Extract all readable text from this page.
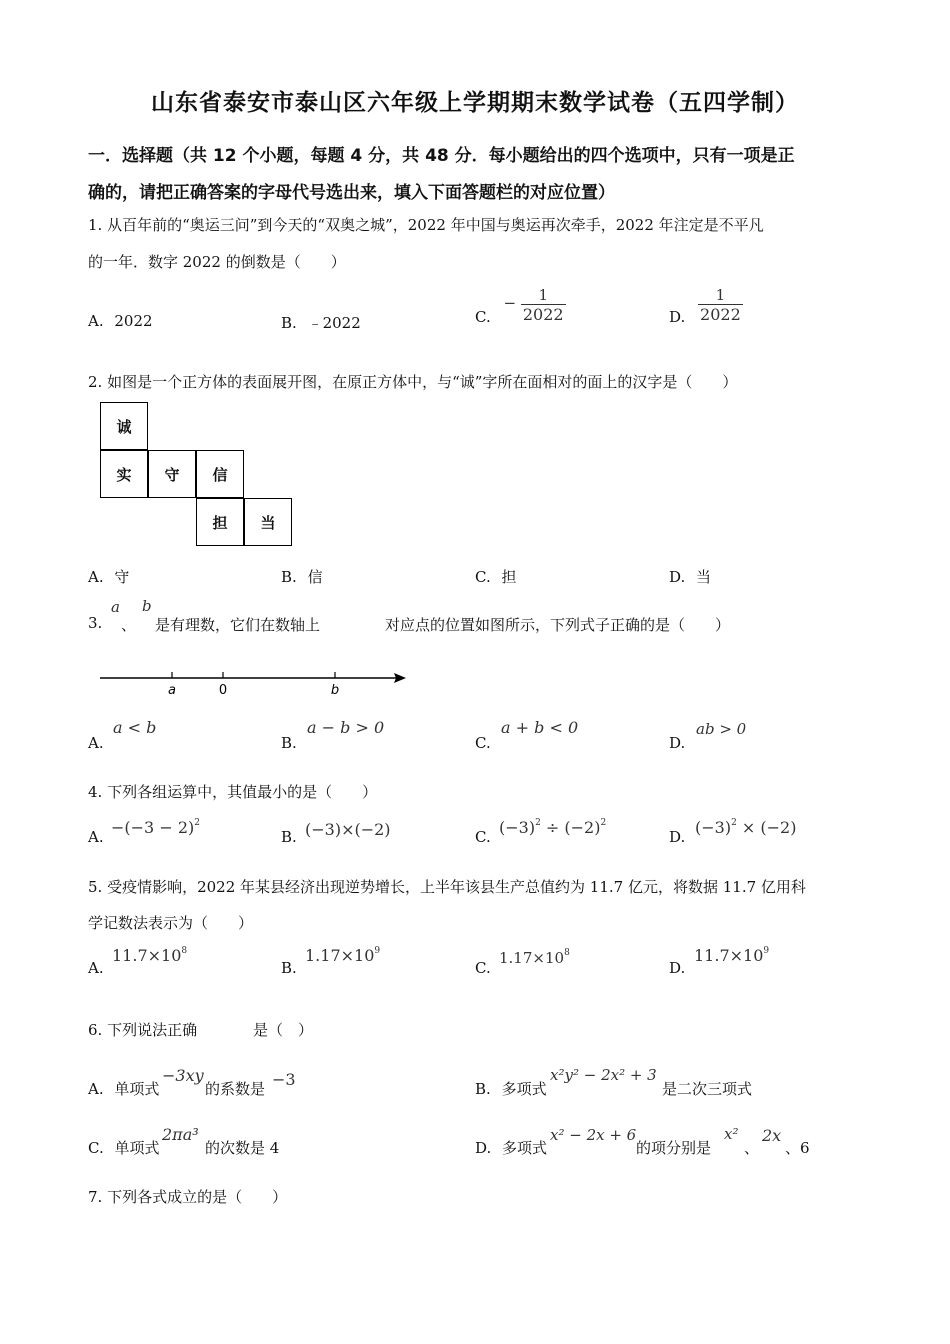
山东省泰安市泰山区六年级上学期期末数学试卷（五四学制）
一．选择题（共 12 个小题，每题 4 分，共 48 分．每小题给出的四个选项中，只有一项是正
确的，请把正确答案的字母代号选出来，填入下面答题栏的对应位置）
1. 从百年前的“奥运三问”到今天的“双奥之城”，2022 年中国与奥运再次牵手，2022 年注定是不平凡
的一年．数字 2022 的倒数是（　　）
A. 2022	B. ﹣2022	C. − $\frac{1}{2022}$	D. $\frac{1}{2022}$
2. 如图是一个正方体的表面展开图，在原正方体中，与“诚”字所在面相对的面上的汉字是（　　）
诚
实	守	信
担	当
A. 守	B. 信	C. 担	D. 当
3.
a
、
b
是有理数，它们在数轴上	对应点的位置如图所示，下列式子正确的是（　　）
a	0	b
A.
a < b
B.
a − b > 0
C.
a + b < 0
D.
ab > 0
4. 下列各组运算中，其值最小的是（　　）
A. $-(-3 - 2)^2$
B. (−3)×(−2)	C. $(-3)^2 \div (-2)^2$
D. $(-3)^2 \times (-2)$
5. 受疫情影响，2022 年某县经济出现逆势增长，上半年该县生产总值约为 11.7 亿元，将数据 11.7 亿用科
学记数法表示为（　　）
A.
$11.7\times 10^8$
B.
$1.17\times 10^9$
C.
$1.17\times 10^8$
D.
$11.7\times 10^9$
6. 下列说法正确	是（　）
A. 单项式
−3xy
的系数是 −3	B. 多项式
x²y² − 2x² + 3
是二次三项式
C. 单项式
2πa³
的次数是 4	D. 多项式
x² − 2x + 6
的项分别是
x²
、
2x
、6
7. 下列各式成立的是（　　）
